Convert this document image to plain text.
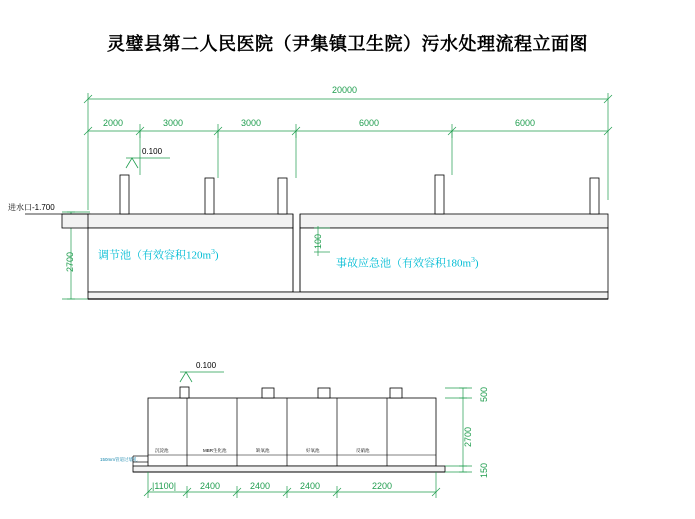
灵璧县第二人民医院（尹集镇卫生院）污水处理流程立面图
20000
2000	3000	3000	6000	6000
0.100
进水口-1.700
2700
100
调节池（有效容积$120m^3$)
事故应急池（有效容积$180m^3$)
0.100
150mm管道过墙孔
沉淀池	MBR生化池	缺氧池	好氧池	反硝池
500
2700
150
|1100|	2400	2400	2400	2200
